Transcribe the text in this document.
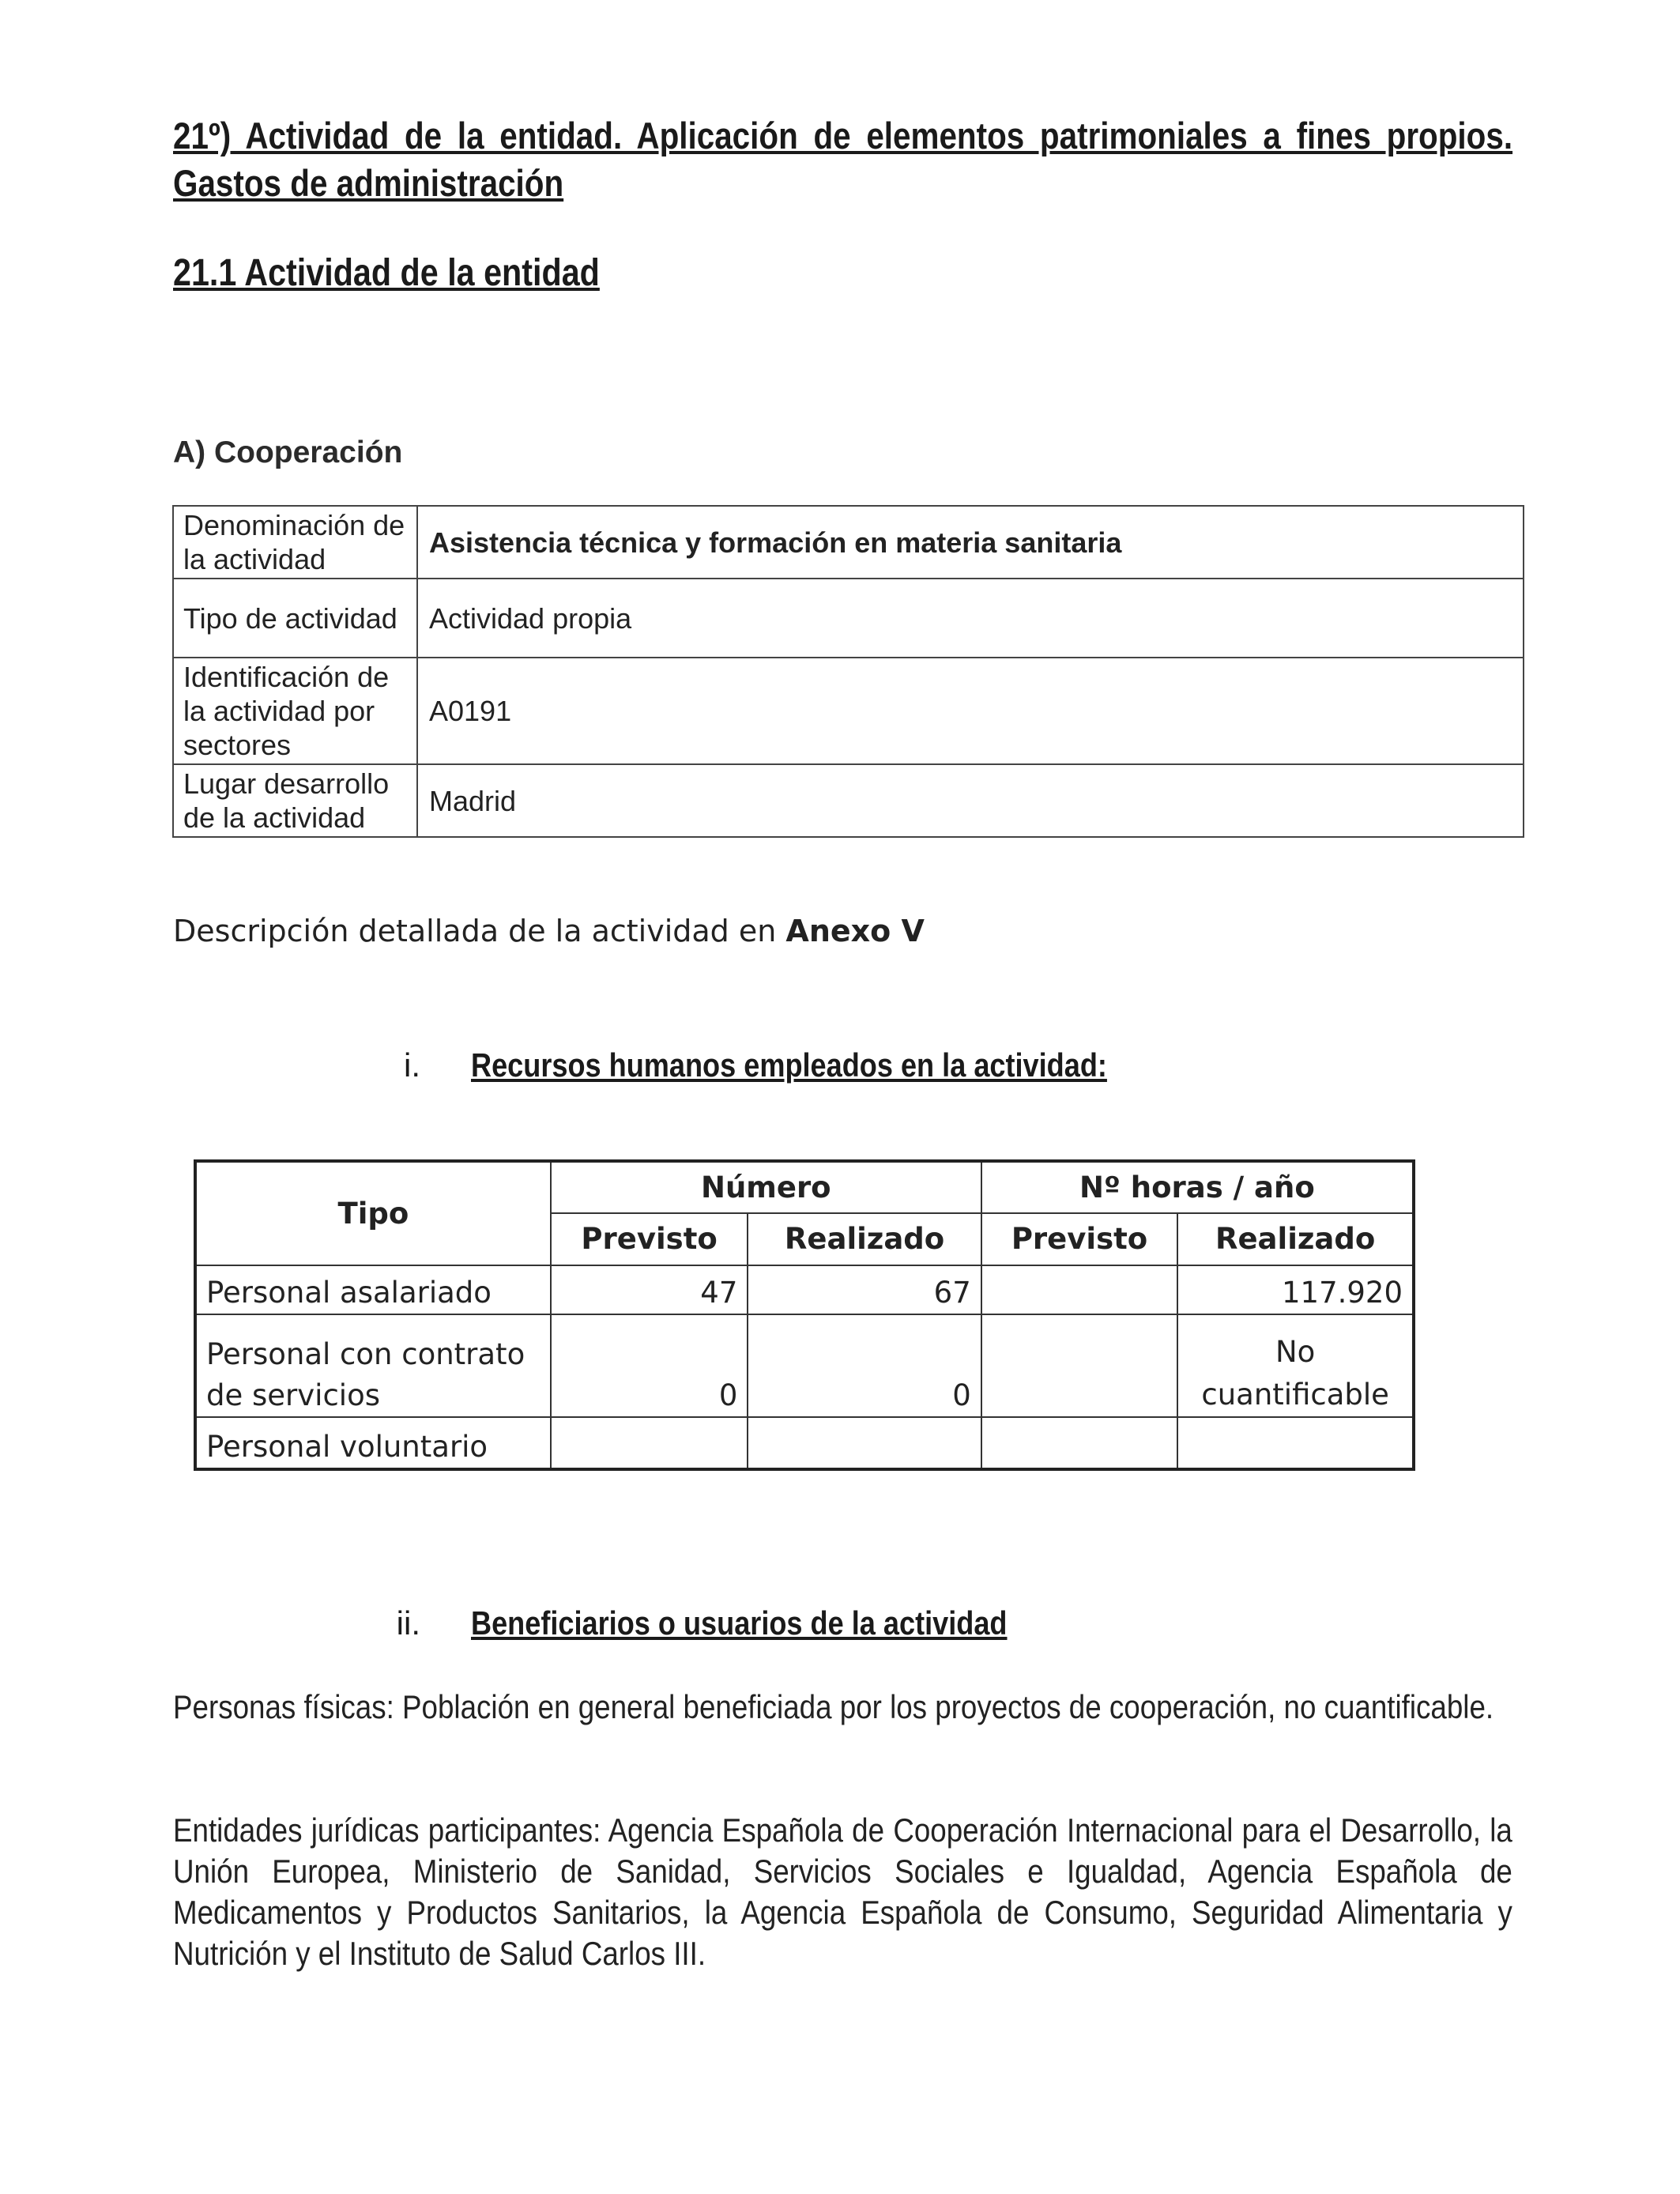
21º) Actividad de la entidad. Aplicación de elementos patrimoniales a fines propios. Gastos de administración
21.1 Actividad de la entidad
A) Cooperación
Denominación de la actividad	Asistencia técnica y formación en materia sanitaria
Tipo de actividad	Actividad propia
Identificación de la actividad por sectores	A0191
Lugar desarrollo de la actividad	Madrid

Descripción detallada de la actividad en Anexo V

i. Recursos humanos empleados en la actividad:

Tipo	Número		Nº horas / año	
	Previsto	Realizado	Previsto	Realizado
Personal asalariado	47	67		117.920
Personal con contrato de servicios	0	0		No cuantificable
Personal voluntario				

ii. Beneficiarios o usuarios de la actividad

Personas físicas: Población en general beneficiada por los proyectos de cooperación, no cuantificable.

Entidades jurídicas participantes: Agencia Española de Cooperación Internacional para el Desarrollo, la Unión Europea, Ministerio de Sanidad, Servicios Sociales e Igualdad, Agencia Española de Medicamentos y Productos Sanitarios, la Agencia Española de Consumo, Seguridad Alimentaria y Nutrición y el Instituto de Salud Carlos III.
